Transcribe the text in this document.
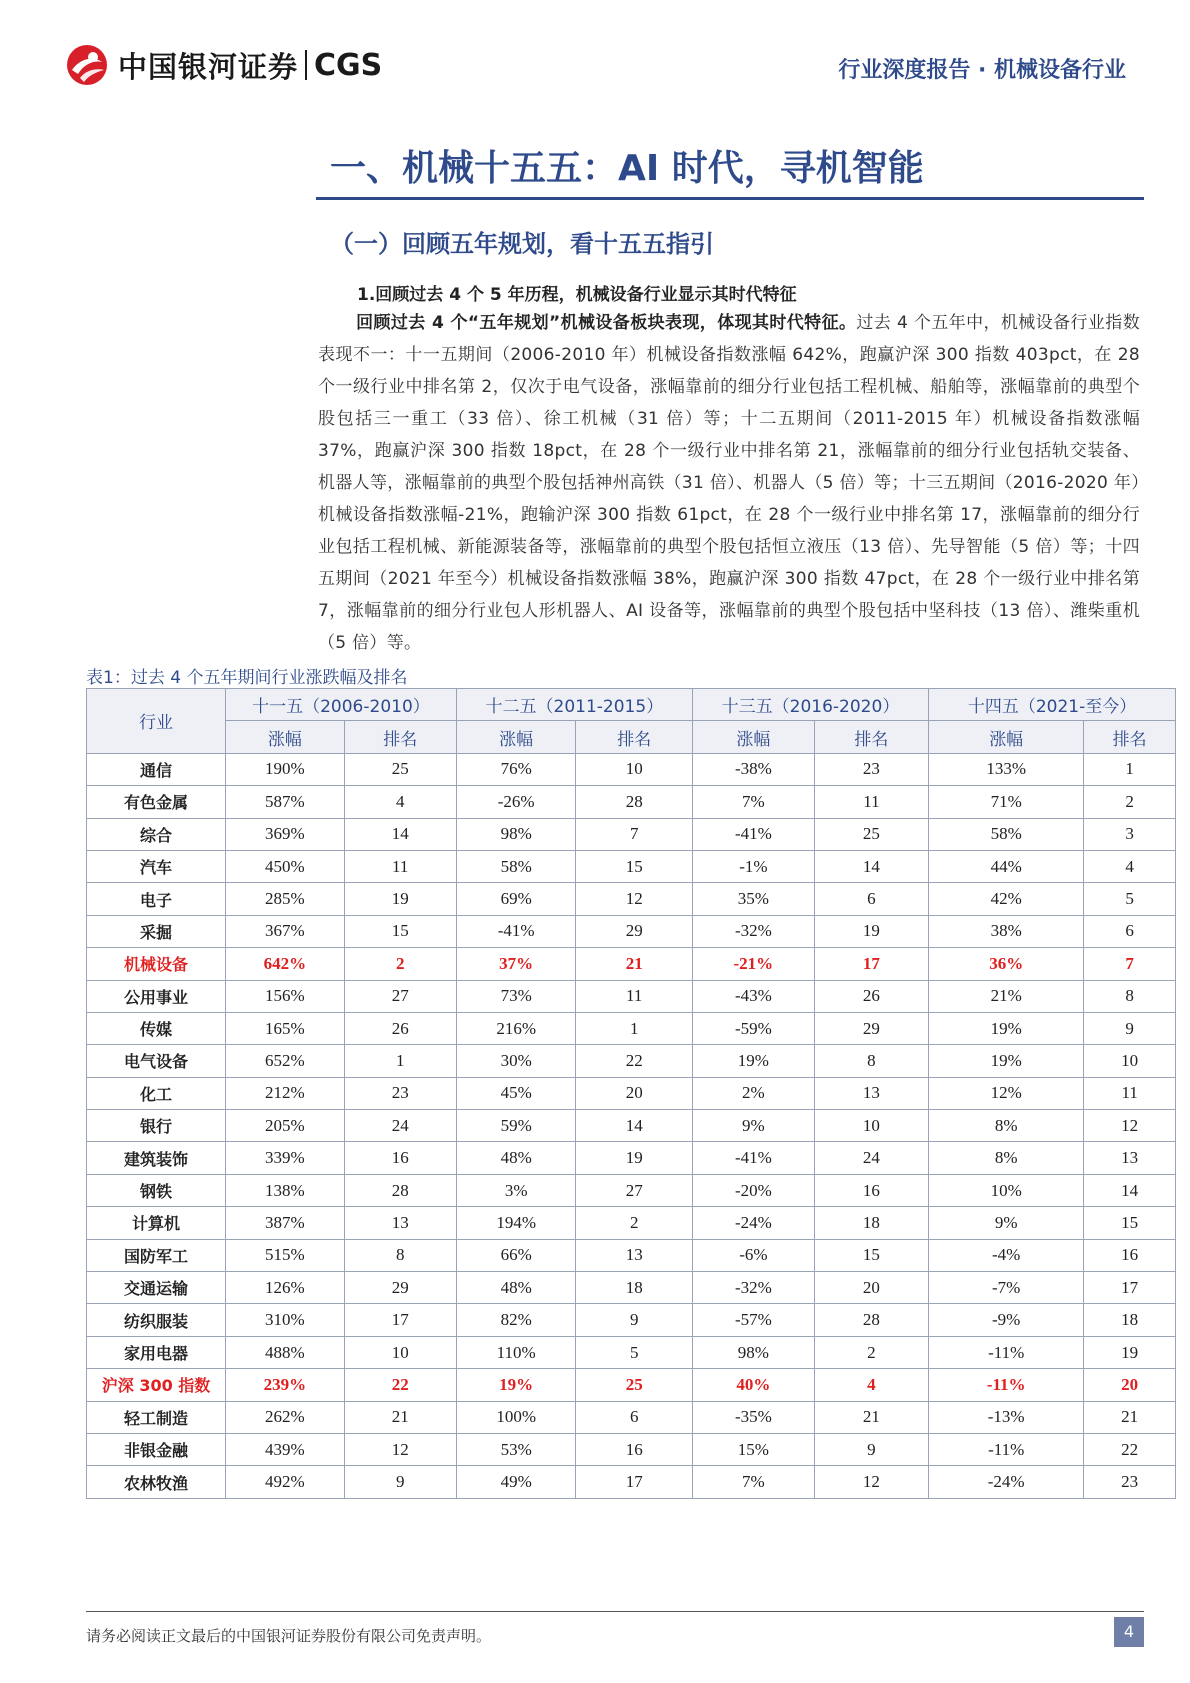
中国银河证券 CGS	行业深度报告 · 机械设备行业
一、机械十五五：AI 时代，寻机智能
（一）回顾五年规划，看十五五指引
1.回顾过去 4 个 5 年历程，机械设备行业显示其时代特征
回顾过去 4 个“五年规划”机械设备板块表现，体现其时代特征。过去 4 个五年中，机械设备行业指数表现不一：十一五期间（2006-2010 年）机械设备指数涨幅 642%，跑赢沪深 300 指数 403pct，在 28 个一级行业中排名第 2，仅次于电气设备，涨幅靠前的细分行业包括工程机械、船舶等，涨幅靠前的典型个股包括三一重工（33 倍）、徐工机械（31 倍）等；十二五期间（2011-2015 年）机械设备指数涨幅 37%，跑赢沪深 300 指数 18pct，在 28 个一级行业中排名第 21，涨幅靠前的细分行业包括轨交装备、机器人等，涨幅靠前的典型个股包括神州高铁（31 倍）、机器人（5 倍）等；十三五期间（2016-2020 年）机械设备指数涨幅-21%，跑输沪深 300 指数 61pct，在 28 个一级行业中排名第 17，涨幅靠前的细分行业包括工程机械、新能源装备等，涨幅靠前的典型个股包括恒立液压（13 倍）、先导智能（5 倍）等；十四五期间（2021 年至今）机械设备指数涨幅 38%，跑赢沪深 300 指数 47pct，在 28 个一级行业中排名第 7，涨幅靠前的细分行业包人形机器人、AI 设备等，涨幅靠前的典型个股包括中坚科技（13 倍）、潍柴重机（5 倍）等。
表1：过去 4 个五年期间行业涨跌幅及排名
行业	十一五（2006-2010）		十二五（2011-2015）		十三五（2016-2020）		十四五（2021-至今）	
	涨幅	排名	涨幅	排名	涨幅	排名	涨幅	排名
通信	190%	25	76%	10	-38%	23	133%	1
有色金属	587%	4	-26%	28	7%	11	71%	2
综合	369%	14	98%	7	-41%	25	58%	3
汽车	450%	11	58%	15	-1%	14	44%	4
电子	285%	19	69%	12	35%	6	42%	5
采掘	367%	15	-41%	29	-32%	19	38%	6
机械设备	642%	2	37%	21	-21%	17	36%	7
公用事业	156%	27	73%	11	-43%	26	21%	8
传媒	165%	26	216%	1	-59%	29	19%	9
电气设备	652%	1	30%	22	19%	8	19%	10
化工	212%	23	45%	20	2%	13	12%	11
银行	205%	24	59%	14	9%	10	8%	12
建筑装饰	339%	16	48%	19	-41%	24	8%	13
钢铁	138%	28	3%	27	-20%	16	10%	14
计算机	387%	13	194%	2	-24%	18	9%	15
国防军工	515%	8	66%	13	-6%	15	-4%	16
交通运输	126%	29	48%	18	-32%	20	-7%	17
纺织服装	310%	17	82%	9	-57%	28	-9%	18
家用电器	488%	10	110%	5	98%	2	-11%	19
沪深 300 指数	239%	22	19%	25	40%	4	-11%	20
轻工制造	262%	21	100%	6	-35%	21	-13%	21
非银金融	439%	12	53%	16	15%	9	-11%	22
农林牧渔	492%	9	49%	17	7%	12	-24%	23
请务必阅读正文最后的中国银河证券股份有限公司免责声明。	4
